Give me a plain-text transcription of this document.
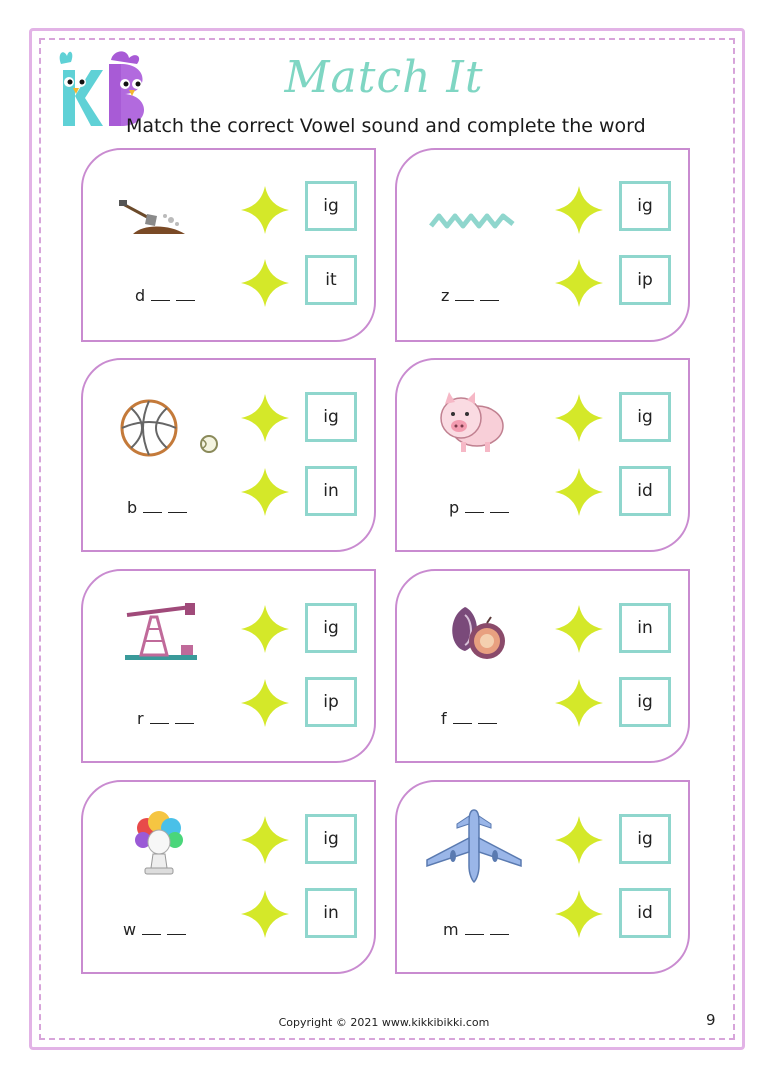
Match It
Match the correct Vowel sound and complete the word
ig
it
d
ig
ip
z
ig
in
b
ig
id
p
ig
ip
r
in
ig
f
ig
in
w
ig
id
m
Copyright © 2021 www.kikkibikki.com	9
